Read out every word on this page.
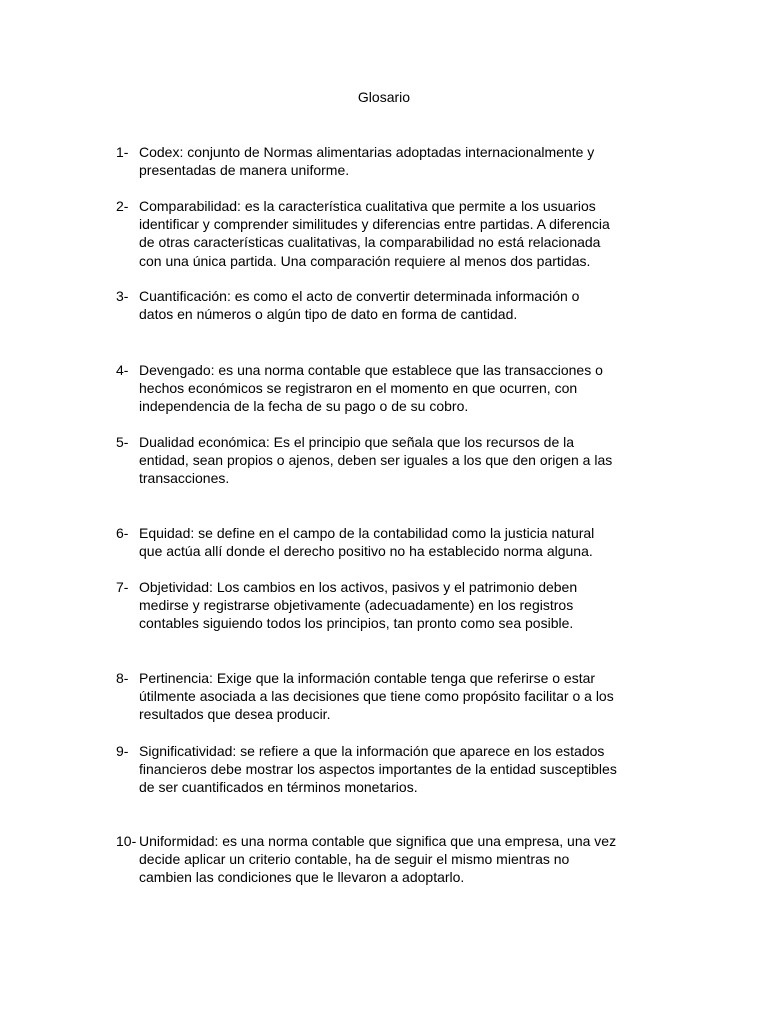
Glosario
1- Codex: conjunto de Normas alimentarias adoptadas internacionalmente y
presentadas de manera uniforme.
2- Comparabilidad: es la característica cualitativa que permite a los usuarios
identificar y comprender similitudes y diferencias entre partidas. A diferencia
de otras características cualitativas, la comparabilidad no está relacionada
con una única partida. Una comparación requiere al menos dos partidas.
3- Cuantificación: es como el acto de convertir determinada información o
datos en números o algún tipo de dato en forma de cantidad.
4- Devengado: es una norma contable que establece que las transacciones o
hechos económicos se registraron en el momento en que ocurren, con
independencia de la fecha de su pago o de su cobro.
5- Dualidad económica: Es el principio que señala que los recursos de la
entidad, sean propios o ajenos, deben ser iguales a los que den origen a las
transacciones.
6- Equidad: se define en el campo de la contabilidad como la justicia natural
que actúa allí donde el derecho positivo no ha establecido norma alguna.
7- Objetividad: Los cambios en los activos, pasivos y el patrimonio deben
medirse y registrarse objetivamente (adecuadamente) en los registros
contables siguiendo todos los principios, tan pronto como sea posible.
8- Pertinencia: Exige que la información contable tenga que referirse o estar
útilmente asociada a las decisiones que tiene como propósito facilitar o a los
resultados que desea producir.
9- Significatividad: se refiere a que la información que aparece en los estados
financieros debe mostrar los aspectos importantes de la entidad susceptibles
de ser cuantificados en términos monetarios.
10- Uniformidad: es una norma contable que significa que una empresa, una vez
decide aplicar un criterio contable, ha de seguir el mismo mientras no
cambien las condiciones que le llevaron a adoptarlo.
